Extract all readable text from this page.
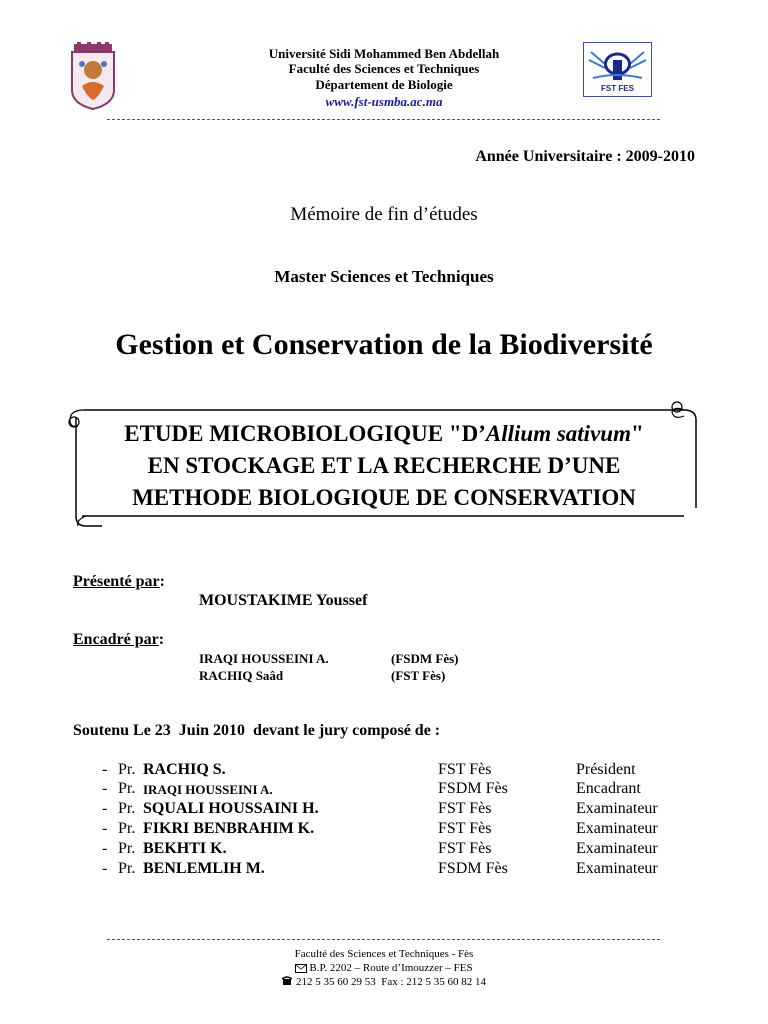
FST FES
Université Sidi Mohammed Ben Abdellah
Faculté des Sciences et Techniques
Département de Biologie
www.fst-usmba.ac.ma
Année Universitaire : 2009-2010
Mémoire de fin d’études
Master Sciences et Techniques
Gestion et Conservation de la Biodiversité
ETUDE MICROBIOLOGIQUE "D’Allium sativum"
EN STOCKAGE ET LA RECHERCHE D’UNE
METHODE BIOLOGIQUE DE CONSERVATION
Présenté par:
MOUSTAKIME Youssef
Encadré par:
IRAQI HOUSSEINI A.	(FSDM Fès)
RACHIQ Saâd	(FST Fès)
Soutenu Le 23  Juin 2010  devant le jury composé de :
- Pr. RACHIQ S.	FST Fès	Président
- Pr. IRAQI HOUSSEINI A.	FSDM Fès	Encadrant
- Pr. SQUALI HOUSSAINI H.	FST Fès	Examinateur
- Pr. FIKRI BENBRAHIM K.	FST Fès	Examinateur
- Pr. BEKHTI K.	FST Fès	Examinateur
- Pr. BENLEMLIH M.	FSDM Fès	Examinateur
Faculté des Sciences et Techniques - Fès
B.P. 2202 – Route d’Imouzzer – FES
212 5 35 60 29 53  Fax : 212 5 35 60 82 14
